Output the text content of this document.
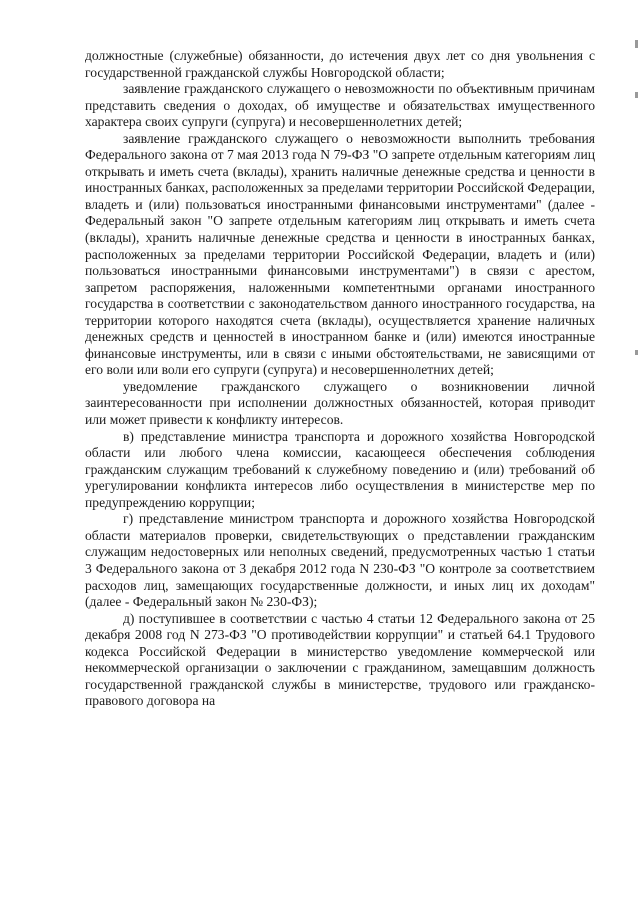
должностные (служебные) обязанности, до истечения двух лет со дня увольнения с государственной гражданской службы Новгородской области;

заявление гражданского служащего о невозможности по объективным причинам представить сведения о доходах, об имуществе и обязательствах имущественного характера своих супруги (супруга) и несовершеннолетних детей;

заявление гражданского служащего о невозможности выполнить требования Федерального закона от 7 мая 2013 года N 79-ФЗ "О запрете отдельным категориям лиц открывать и иметь счета (вклады), хранить наличные денежные средства и ценности в иностранных банках, расположенных за пределами территории Российской Федерации, владеть и (или) пользоваться иностранными финансовыми инструментами" (далее - Федеральный закон "О запрете отдельным категориям лиц открывать и иметь счета (вклады), хранить наличные денежные средства и ценности в иностранных банках, расположенных за пределами территории Российской Федерации, владеть и (или) пользоваться иностранными финансовыми инструментами") в связи с арестом, запретом распоряжения, наложенными компетентными органами иностранного государства в соответствии с законодательством данного иностранного государства, на территории которого находятся счета (вклады), осуществляется хранение наличных денежных средств и ценностей в иностранном банке и (или) имеются иностранные финансовые инструменты, или в связи с иными обстоятельствами, не зависящими от его воли или воли его супруги (супруга) и несовершеннолетних детей;

уведомление гражданского служащего о возникновении личной заинтересованности при исполнении должностных обязанностей, которая приводит или может привести к конфликту интересов.

в) представление министра транспорта и дорожного хозяйства Новгородской области или любого члена комиссии, касающееся обеспечения соблюдения гражданским служащим требований к служебному поведению и (или) требований об урегулировании конфликта интересов либо осуществления в министерстве мер по предупреждению коррупции;

г) представление министром транспорта и дорожного хозяйства Новгородской области материалов проверки, свидетельствующих о представлении гражданским служащим недостоверных или неполных сведений, предусмотренных частью 1 статьи 3 Федерального закона от 3 декабря 2012 года N 230-ФЗ "О контроле за соответствием расходов лиц, замещающих государственные должности, и иных лиц их доходам" (далее - Федеральный закон № 230-ФЗ);

д) поступившее в соответствии с частью 4 статьи 12 Федерального закона от 25 декабря 2008 год N 273-ФЗ "О противодействии коррупции" и статьей 64.1 Трудового кодекса Российской Федерации в министерство уведомление коммерческой или некоммерческой организации о заключении с гражданином, замещавшим должность государственной гражданской службы в министерстве, трудового или гражданско-правового договора на
